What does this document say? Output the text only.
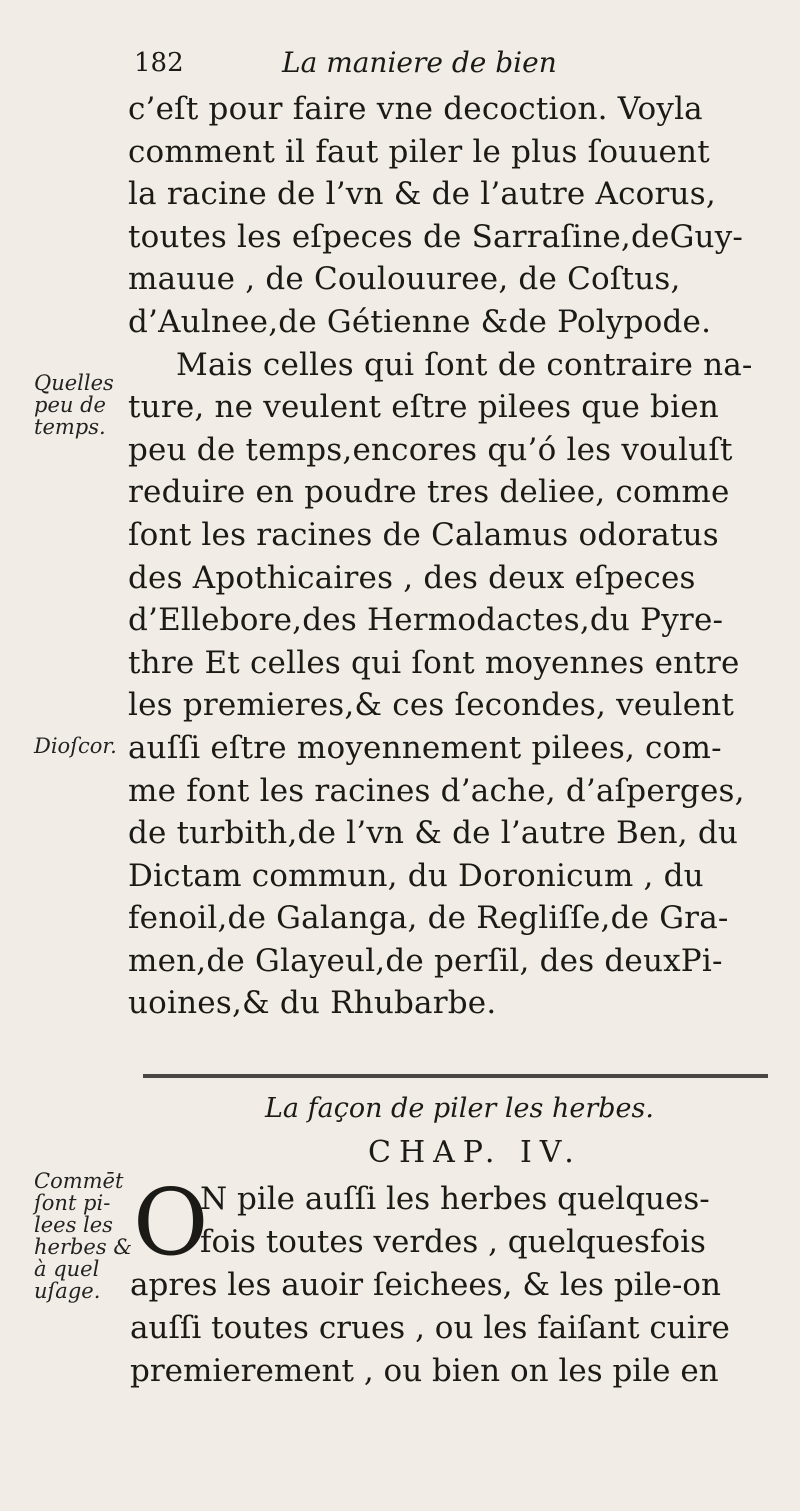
182	La maniere de bien
Quelles
peu de
temps.
Dioſcor.
Commēt
ſont pi-
lees les
herbes &
à quel
uſage.
c’eſt pour faire vne decoction. Voyla
comment il faut piler le plus ſouuent
la racine de l’vn & de l’autre Acorus,
toutes les eſpeces de Sarraſine,deGuy-
mauue , de Coulouuree, de Coſtus,
d’Aulnee,de Gétienne &de Polypode.
Mais celles qui ſont de contraire na-
ture, ne veulent eſtre pilees que bien
peu de temps,encores qu’ó les vouluſt
reduire en poudre tres deliee, comme
ſont les racines de Calamus odoratus
des Apothicaires , des deux eſpeces
d’Ellebore,des Hermodactes,du Pyre-
thre Et celles qui ſont moyennes entre
les premieres,& ces ſecondes, veulent
auſſi eſtre moyennement pilees, com-
me font les racines d’ache, d’aſperges,
de turbith,de l’vn & de l’autre Ben, du
Dictam commun, du Doronicum , du
fenoil,de Galanga, de Regliſſe,de Gra-
men,de Glayeul,de perſil, des deuxPi-
uoines,& du Rhubarbe.
La façon de piler les herbes.
CHAP. IV.
O
N pile auſſi les herbes quelques-
fois toutes verdes , quelquesfois
apres les auoir ſeichees, & les pile-on
auſſi toutes crues , ou les faiſant cuire
premierement , ou bien on les pile en
